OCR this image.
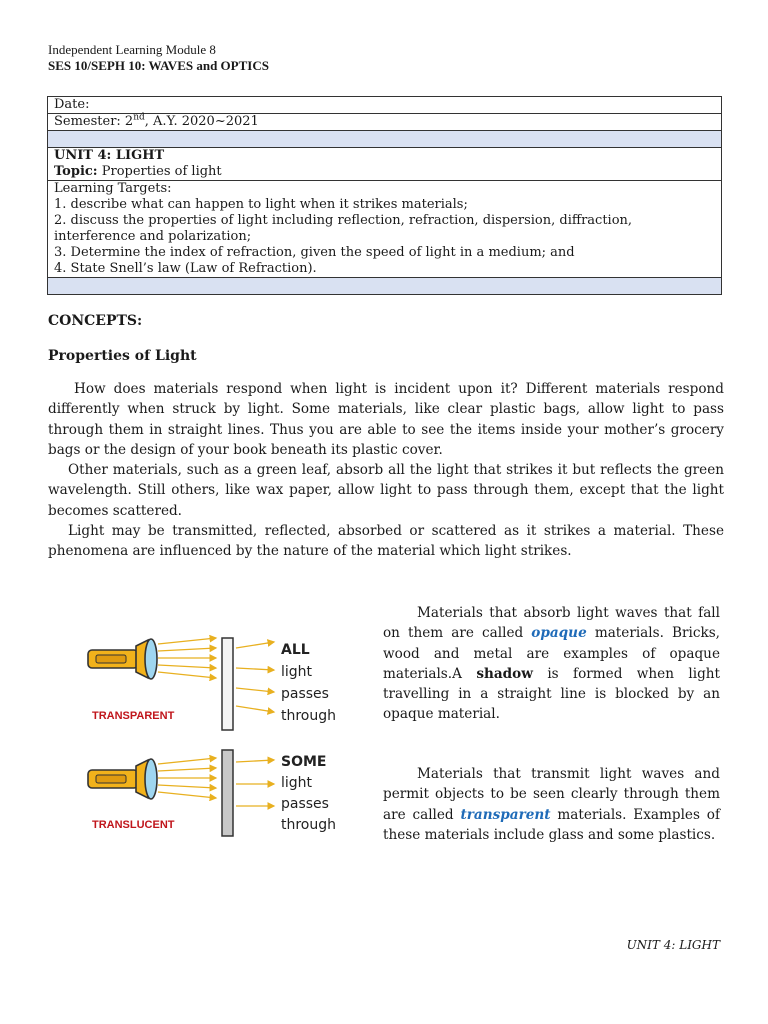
Independent Learning Module 8
SES 10/SEPH 10: WAVES and OPTICS
Date:
Semester: 2nd, A.Y. 2020~2021

UNIT 4: LIGHT
Topic: Properties of light

Learning Targets:
1. describe what can happen to light when it strikes materials;
2. discuss the properties of light including reflection, refraction, dispersion, diffraction, interference and polarization;
3. Determine the index of refraction, given the speed of light in a medium; and
4. State Snell’s law (Law of Refraction).

CONCEPTS:
Properties of Light

How does materials respond when light is incident upon it? Different materials respond differently when struck by light. Some materials, like clear plastic bags, allow light to pass through them in straight lines. Thus you are able to see the items inside your mother’s grocery bags or the design of your book beneath its plastic cover.

Other materials, such as a green leaf, absorb all the light that strikes it but reflects the green wavelength. Still others, like wax paper, allow light to pass through them, except that the light becomes scattered.

Light may be transmitted, reflected, absorbed or scattered as it strikes a material. These phenomena are influenced by the nature of the material which light strikes.

ALL
light
passes
through
TRANSPARENT
SOME
light
passes
through
TRANSLUCENT

Materials that absorb light waves that fall on them are called opaque materials. Bricks, wood and metal are examples of opaque materials.A shadow is formed when light travelling in a straight line is blocked by an opaque material.

Materials that transmit light waves and permit objects to be seen clearly through them are called transparent materials. Examples of these materials include glass and some plastics.

UNIT 4: LIGHT
